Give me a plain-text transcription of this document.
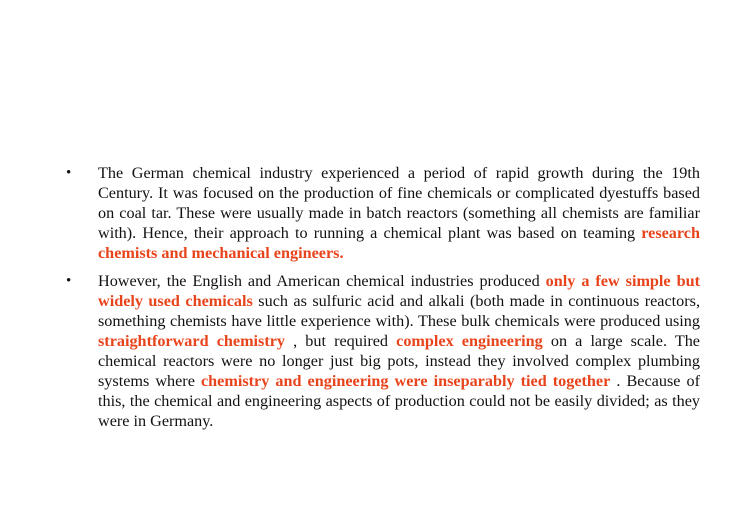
•	The German chemical industry experienced a period of rapid growth during the 19th Century. It was focused on the production of fine chemicals or complicated dyestuffs based on coal tar. These were usually made in batch reactors (something all chemists are familiar with). Hence, their approach to running a chemical plant was based on teaming research chemists and mechanical engineers.
•	However, the English and American chemical industries produced only a few simple but widely used chemicals such as sulfuric acid and alkali (both made in continuous reactors, something chemists have little experience with). These bulk chemicals were produced using straightforward chemistry , but required complex engineering on a large scale. The chemical reactors were no longer just big pots, instead they involved complex plumbing systems where chemistry and engineering were inseparably tied together . Because of this, the chemical and engineering aspects of production could not be easily divided; as they were in Germany.
